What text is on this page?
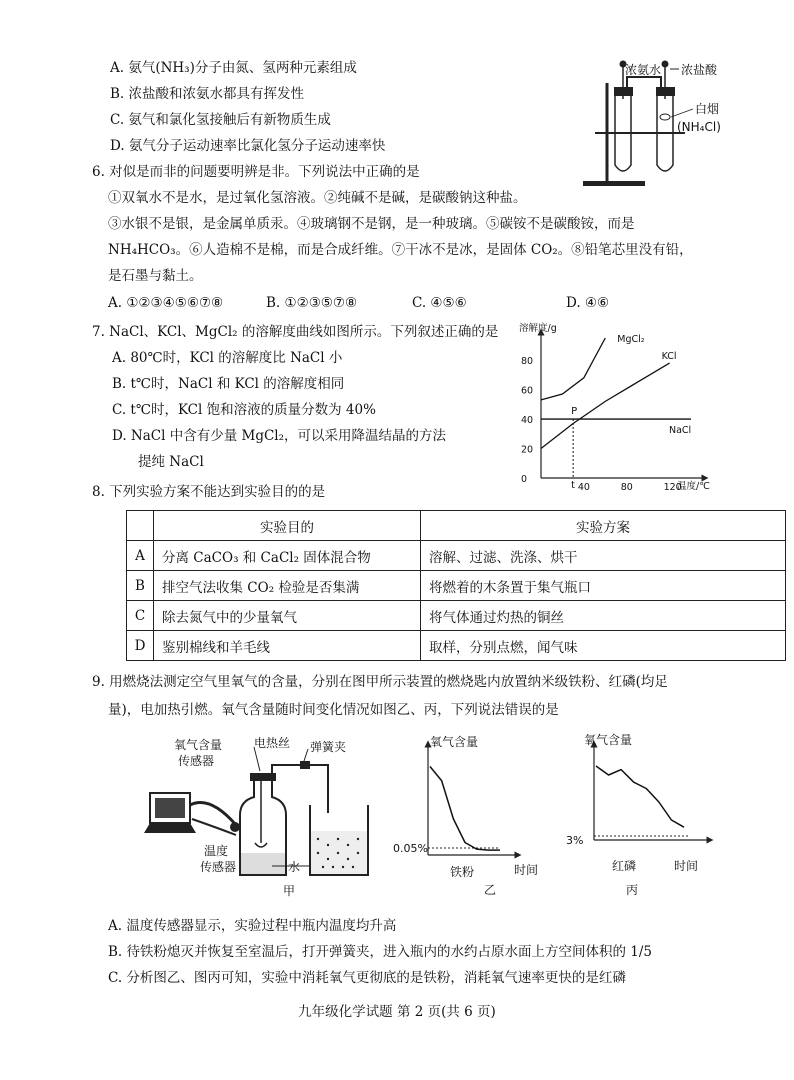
A. 氨气(NH₃)分子由氮、氢两种元素组成
B. 浓盐酸和浓氨水都具有挥发性
C. 氨气和氯化氢接触后有新物质生成
D. 氨气分子运动速率比氯化氢分子运动速率快
浓氨水 浓盐酸
白烟
(NH₄Cl)
6. 对似是而非的问题要明辨是非。下列说法中正确的是
①双氧水不是水，是过氧化氢溶液。②纯碱不是碱，是碳酸钠这种盐。
③水银不是银，是金属单质汞。④玻璃钢不是钢，是一种玻璃。⑤碳铵不是碳酸铵，而是
NH₄HCO₃。⑥人造棉不是棉，而是合成纤维。⑦干冰不是冰，是固体 CO₂。⑧铅笔芯里没有铅，
是石墨与黏土。
A. ①②③④⑤⑥⑦⑧	B. ①②③⑤⑦⑧	C. ④⑤⑥	D. ④⑥
7. NaCl、KCl、MgCl₂ 的溶解度曲线如图所示。下列叙述正确的是
A. 80℃时，KCl 的溶解度比 NaCl 小
B. t℃时，NaCl 和 KCl 的溶解度相同
C. t℃时，KCl 饱和溶液的质量分数为 40%
D. NaCl 中含有少量 MgCl₂，可以采用降温结晶的方法
提纯 NaCl
溶解度/g
温度/℃
0
20
40
60
80
40	80	120
MgCl₂
KCl
NaCl
P
t
8. 下列实验方案不能达到实验目的的是
	实验目的	实验方案
A	分离 CaCO₃ 和 CaCl₂ 固体混合物	溶解、过滤、洗涤、烘干
B	排空气法收集 CO₂ 检验是否集满	将燃着的木条置于集气瓶口
C	除去氮气中的少量氧气	将气体通过灼热的铜丝
D	鉴别棉线和羊毛线	取样，分别点燃，闻气味
9. 用燃烧法测定空气里氧气的含量，分别在图甲所示装置的燃烧匙内放置纳米级铁粉、红磷(均足
量)，电加热引燃。氧气含量随时间变化情况如图乙、丙，下列说法错误的是
氧气含量
传感器
电热丝 弹簧夹
温度
传感器	水
甲
氧气含量
时间
0.05%
铁粉
乙
氧气含量
时间
3%
红磷
丙
A. 温度传感器显示，实验过程中瓶内温度均升高
B. 待铁粉熄灭并恢复至室温后，打开弹簧夹，进入瓶内的水约占原水面上方空间体积的 1/5
C. 分析图乙、图丙可知，实验中消耗氧气更彻底的是铁粉，消耗氧气速率更快的是红磷
九年级化学试题 第 2 页(共 6 页)
